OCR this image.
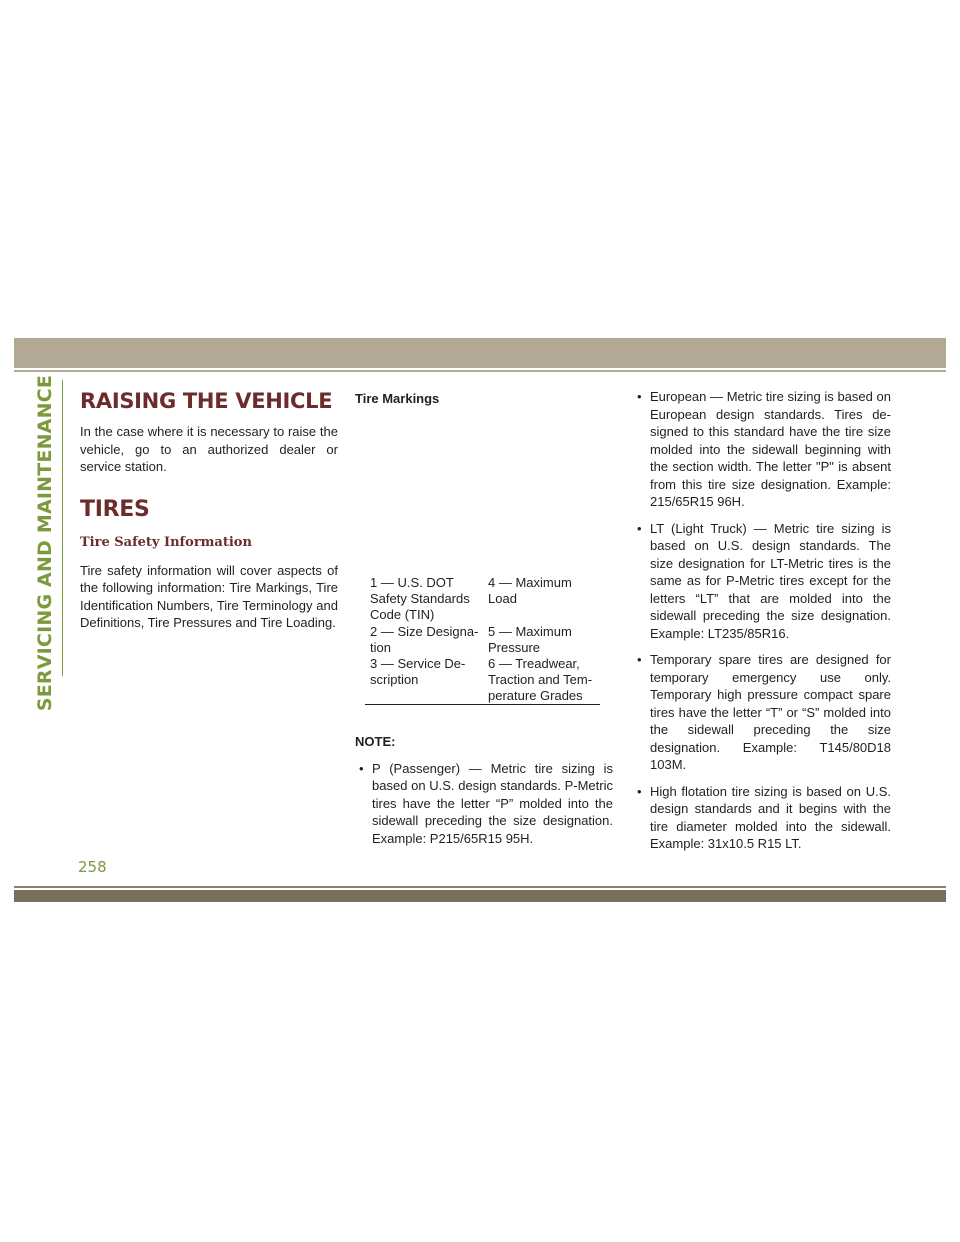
SERVICING AND MAINTENANCE RAISING THE VEHICLE

In the case where it is necessary to raise the vehicle, go to an authorized dealer or service station.

TIRES
Tire Safety Information

Tire safety information will cover aspects of the following information: Tire Markings, Tire Identification Numbers, Tire Terminology and Definitions, Tire Pressures and Tire Loading.

Tire Markings
1 — U.S. DOT Safety Standards Code (TIN)
4 — Maximum Load
2 — Size Designa- tion
5 — Maximum Pressure
3 — Service De- scription
6 — Treadwear, Traction and Tem- perature Grades
NOTE:
• P (Passenger) — Metric tire sizing is based on U.S. design standards. P-Metric tires have the letter “P” molded into the sidewall preceding the size designation. Example: P215/65R15 95H.
• European — Metric tire sizing is based on European design standards. Tires de- signed to this standard have the tire size molded into the sidewall beginning with the section width. The letter "P" is absent from this tire size designation. Example: 215/65R15 96H.
• LT (Light Truck) — Metric tire sizing is based on U.S. design standards. The size designation for LT-Metric tires is the same as for P-Metric tires except for the letters “LT” that are molded into the sidewall preceding the size designation. Example: LT235/85R16.
• Temporary spare tires are designed for temporary emergency use only. Temporary high pressure compact spare tires have the letter “T” or “S” molded into the sidewall preceding the size designation. Example: T145/80D18 103M.
• High flotation tire sizing is based on U.S. design standards and it begins with the tire diameter molded into the sidewall. Example: 31x10.5 R15 LT.
258
